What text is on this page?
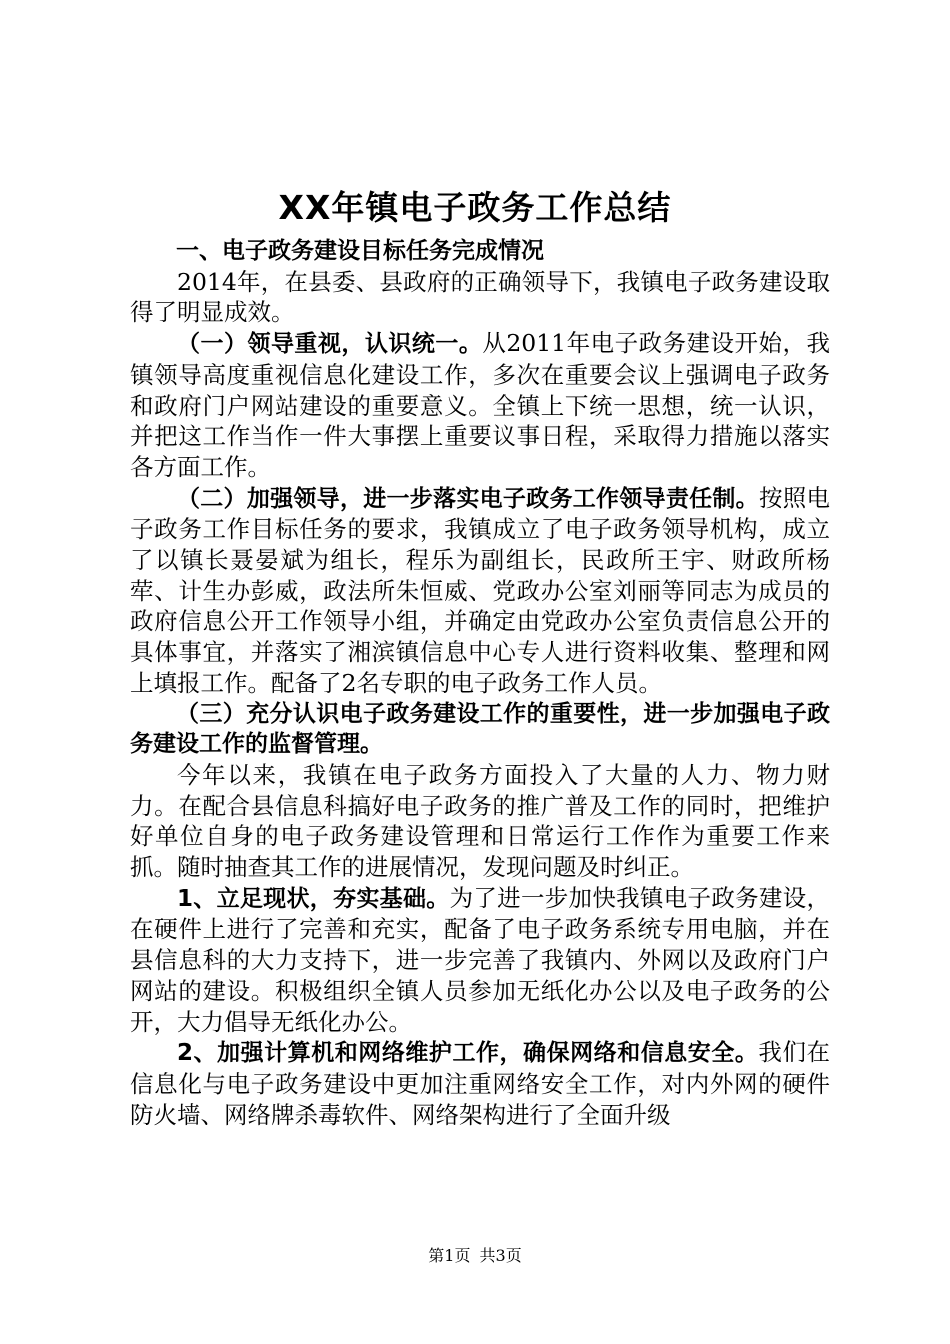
XX年镇电子政务工作总结

一、电子政务建设目标任务完成情况

2014年，在县委、县政府的正确领导下，我镇电子政务建设取得了明显成效。

（一）领导重视，认识统一。从2011年电子政务建设开始，我镇领导高度重视信息化建设工作，多次在重要会议上强调电子政务和政府门户网站建设的重要意义。全镇上下统一思想，统一认识，并把这工作当作一件大事摆上重要议事日程，采取得力措施以落实各方面工作。

（二）加强领导，进一步落实电子政务工作领导责任制。按照电子政务工作目标任务的要求，我镇成立了电子政务领导机构，成立了以镇长聂晏斌为组长，程乐为副组长，民政所王宇、财政所杨荦、计生办彭威，政法所朱恒威、党政办公室刘丽等同志为成员的政府信息公开工作领导小组，并确定由党政办公室负责信息公开的具体事宜，并落实了湘滨镇信息中心专人进行资料收集、整理和网上填报工作。配备了2名专职的电子政务工作人员。

（三）充分认识电子政务建设工作的重要性，进一步加强电子政务建设工作的监督管理。

今年以来，我镇在电子政务方面投入了大量的人力、物力财力。在配合县信息科搞好电子政务的推广普及工作的同时，把维护好单位自身的电子政务建设管理和日常运行工作作为重要工作来抓。随时抽查其工作的进展情况，发现问题及时纠正。

1、立足现状，夯实基础。为了进一步加快我镇电子政务建设，在硬件上进行了完善和充实，配备了电子政务系统专用电脑，并在县信息科的大力支持下，进一步完善了我镇内、外网以及政府门户网站的建设。积极组织全镇人员参加无纸化办公以及电子政务的公开，大力倡导无纸化办公。

2、加强计算机和网络维护工作，确保网络和信息安全。我们在信息化与电子政务建设中更加注重网络安全工作，对内外网的硬件防火墙、网络牌杀毒软件、网络架构进行了全面升级

第1页 共3页
